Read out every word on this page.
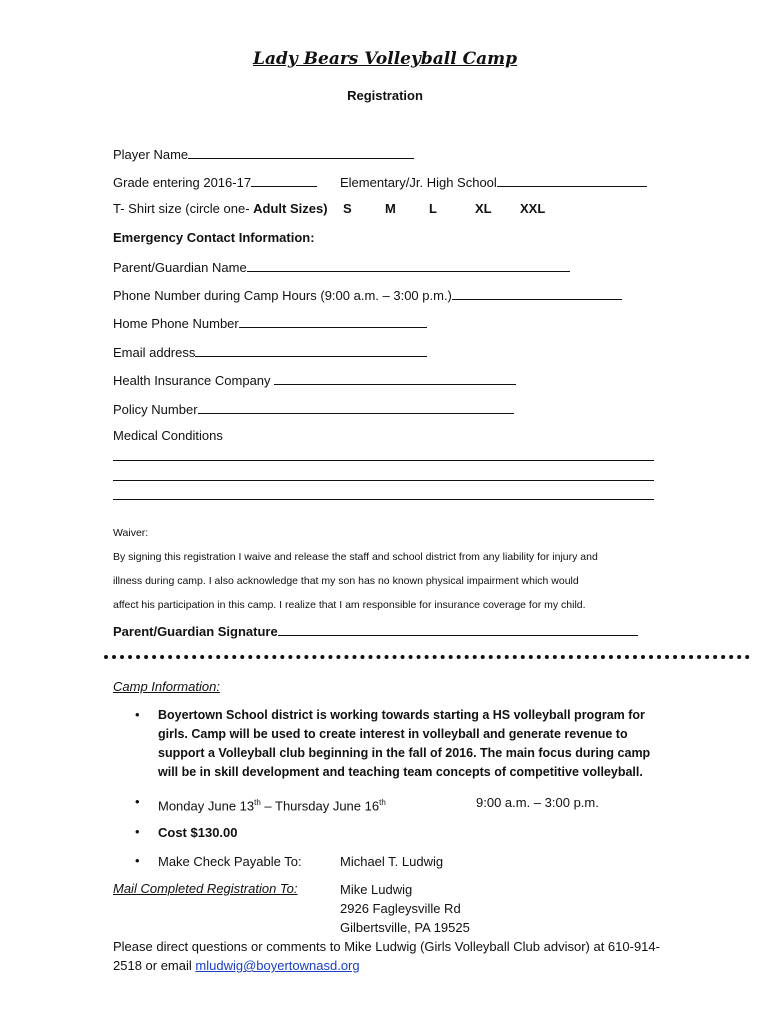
Lady Bears Volleyball Camp
Registration
Player Name
Grade entering 2016-17	Elementary/Jr. High School
T- Shirt size (circle one- Adult Sizes) S	M	L	XL XXL
Emergency Contact Information:
Parent/Guardian Name
Phone Number during Camp Hours (9:00 a.m. – 3:00 p.m.)
Home Phone Number
Email address
Health Insurance Company
Policy Number
Medical Conditions
Waiver:
By signing this registration I waive and release the staff and school district from any liability for injury and
illness during camp. I also acknowledge that my son has no known physical impairment which would
affect his participation in this camp. I realize that I am responsible for insurance coverage for my child.
Parent/Guardian Signature
Camp Information:
• Boyertown School district is working towards starting a HS volleyball program for girls. Camp will be used to create interest in volleyball and generate revenue to support a Volleyball club beginning in the fall of 2016. The main focus during camp will be in skill development and teaching team concepts of competitive volleyball.
• Monday June 13th – Thursday June 16th	9:00 a.m. – 3:00 p.m.
• Cost $130.00
• Make Check Payable To:	Michael T. Ludwig
Mail Completed Registration To:	Mike Ludwig
2926 Fagleysville Rd
Gilbertsville, PA 19525
Please direct questions or comments to Mike Ludwig (Girls Volleyball Club advisor) at 610-914-2518 or email mludwig@boyertownasd.org
